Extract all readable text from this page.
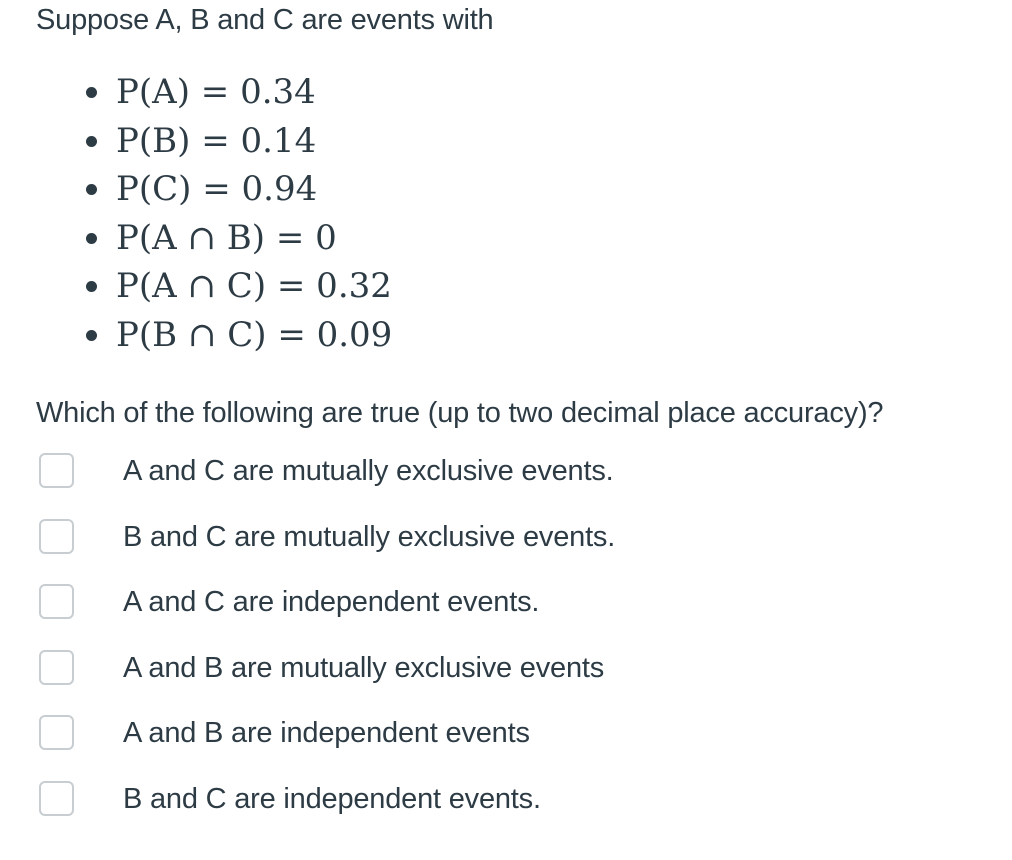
Suppose A, B and C are events with
P(A) = 0.34
P(B) = 0.14
P(C) = 0.94
P(A ∩ B) = 0
P(A ∩ C) = 0.32
P(B ∩ C) = 0.09
Which of the following are true (up to two decimal place accuracy)?
A and C are mutually exclusive events.
B and C are mutually exclusive events.
A and C are independent events.
A and B are mutually exclusive events
A and B are independent events
B and C are independent events.
